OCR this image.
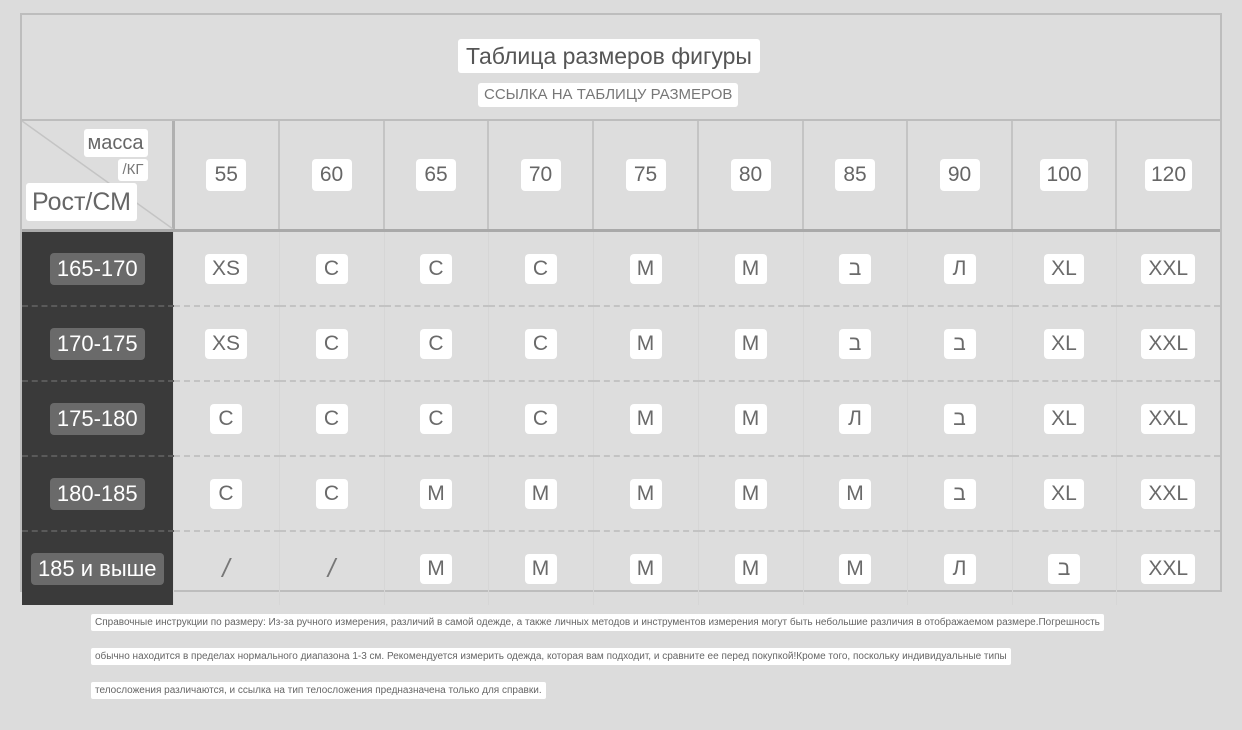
Таблица размеров фигуры
ССЫЛКА НА ТАБЛИЦУ РАЗМЕРОВ
масса
/КГ
Рост/СМ	55	60	65	70	75	80	85	90	100	120
165-170	XS	C	C	C	M	M	ב	Л	XL	XXL
170-175	XS	C	C	C	M	M	ב	ב	XL	XXL
175-180	C	C	C	C	M	M	Л	ב	XL	XXL
180-185	C	C	M	M	M	M	M	ב	XL	XXL
185 и выше	/	/	M	M	M	M	M	Л	ב	XXL
Справочные инструкции по размеру: Из-за ручного измерения, различий в самой одежде, а также личных методов и инструментов измерения могут быть небольшие различия в отображаемом размере.Погрешность
обычно находится в пределах нормального диапазона 1-3 см. Рекомендуется измерить одежда, которая вам подходит, и сравните ее перед покупкой!Кроме того, поскольку индивидуальные типы
телосложения различаются, и ссылка на тип телосложения предназначена только для справки.
